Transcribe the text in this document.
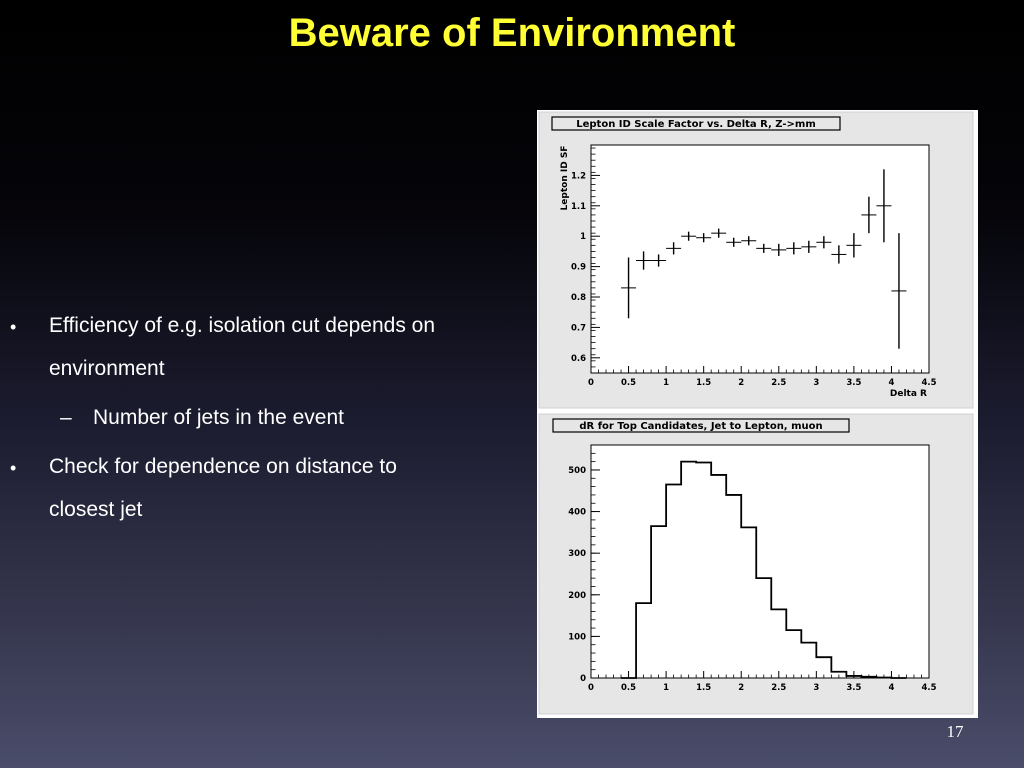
Beware of Environment
• Efficiency of e.g. isolation cut depends on
environment
– Number of jets in the event
• Check for dependence on distance to
closest jet
Lepton ID Scale Factor vs. Delta R, Z->mm
dR for Top Candidates, Jet to Lepton, muon
0	0.5	1	1.5	2	2.5	3	3.5	4	4.5
0.6
0.7
0.8
0.9
1
1.1
1.2
0	0.5	1	1.5	2	2.5	3	3.5	4	4.5
0
100
200
300
400
500
Delta R
Lepton ID SF
17
